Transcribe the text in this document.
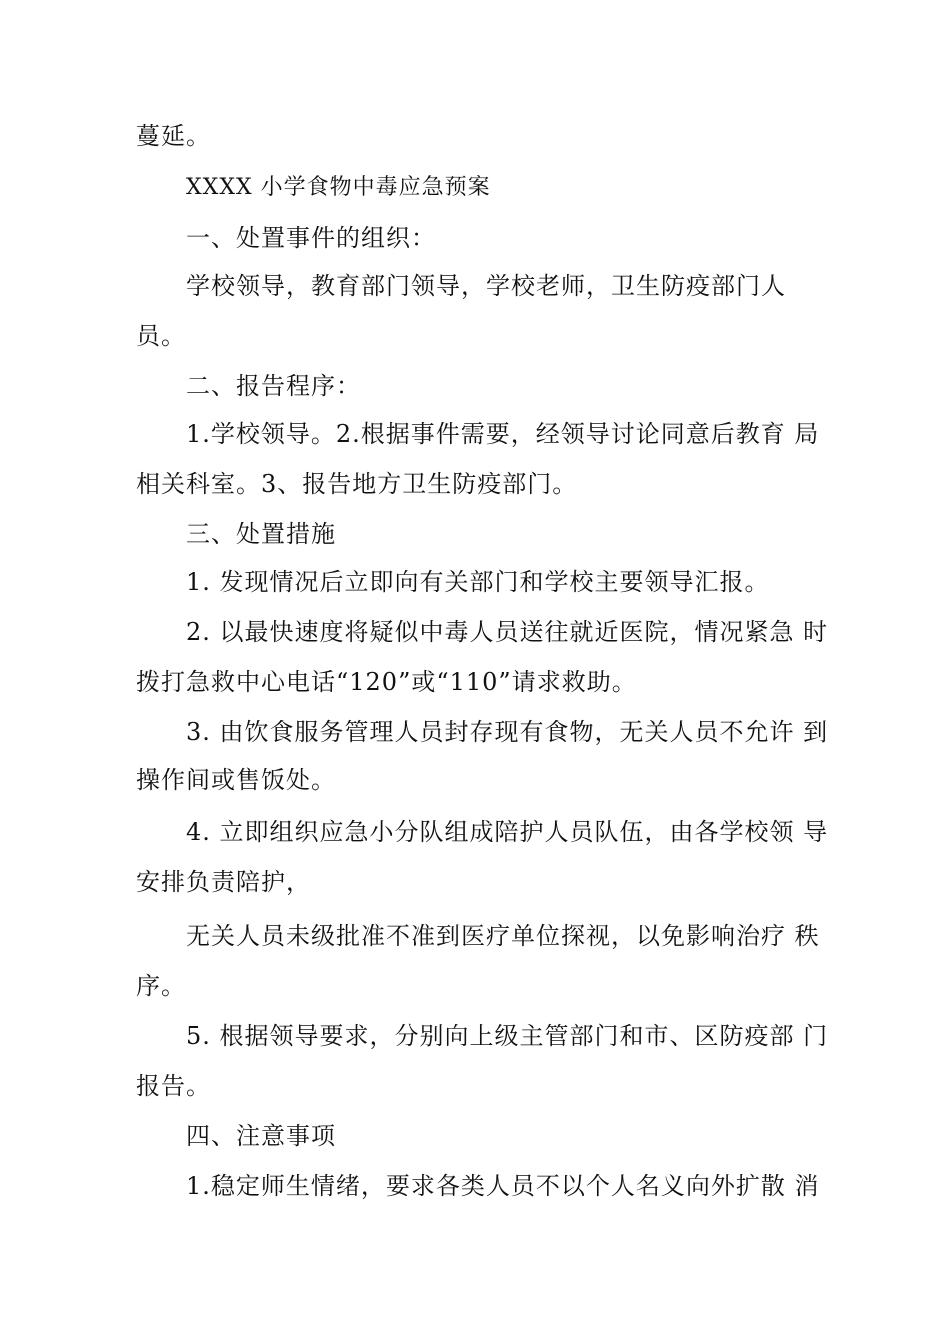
蔓延。
XXXX 小学食物中毒应急预案
一、处置事件的组织：
学校领导，教育部门领导，学校老师，卫生防疫部门人
员。
二、报告程序：
1.学校领导。2.根据事件需要，经领导讨论同意后教育 局
相关科室。3、报告地方卫生防疫部门。
三、处置措施
1. 发现情况后立即向有关部门和学校主要领导汇报。
2. 以最快速度将疑似中毒人员送往就近医院，情况紧急 时
拨打急救中心电话“120”或“110”请求救助。
3. 由饮食服务管理人员封存现有食物，无关人员不允许 到
操作间或售饭处。
4. 立即组织应急小分队组成陪护人员队伍，由各学校领 导
安排负责陪护，
无关人员未级批准不准到医疗单位探视，以免影响治疗 秩
序。
5. 根据领导要求，分别向上级主管部门和市、区防疫部 门
报告。
四、注意事项
1.稳定师生情绪，要求各类人员不以个人名义向外扩散 消
